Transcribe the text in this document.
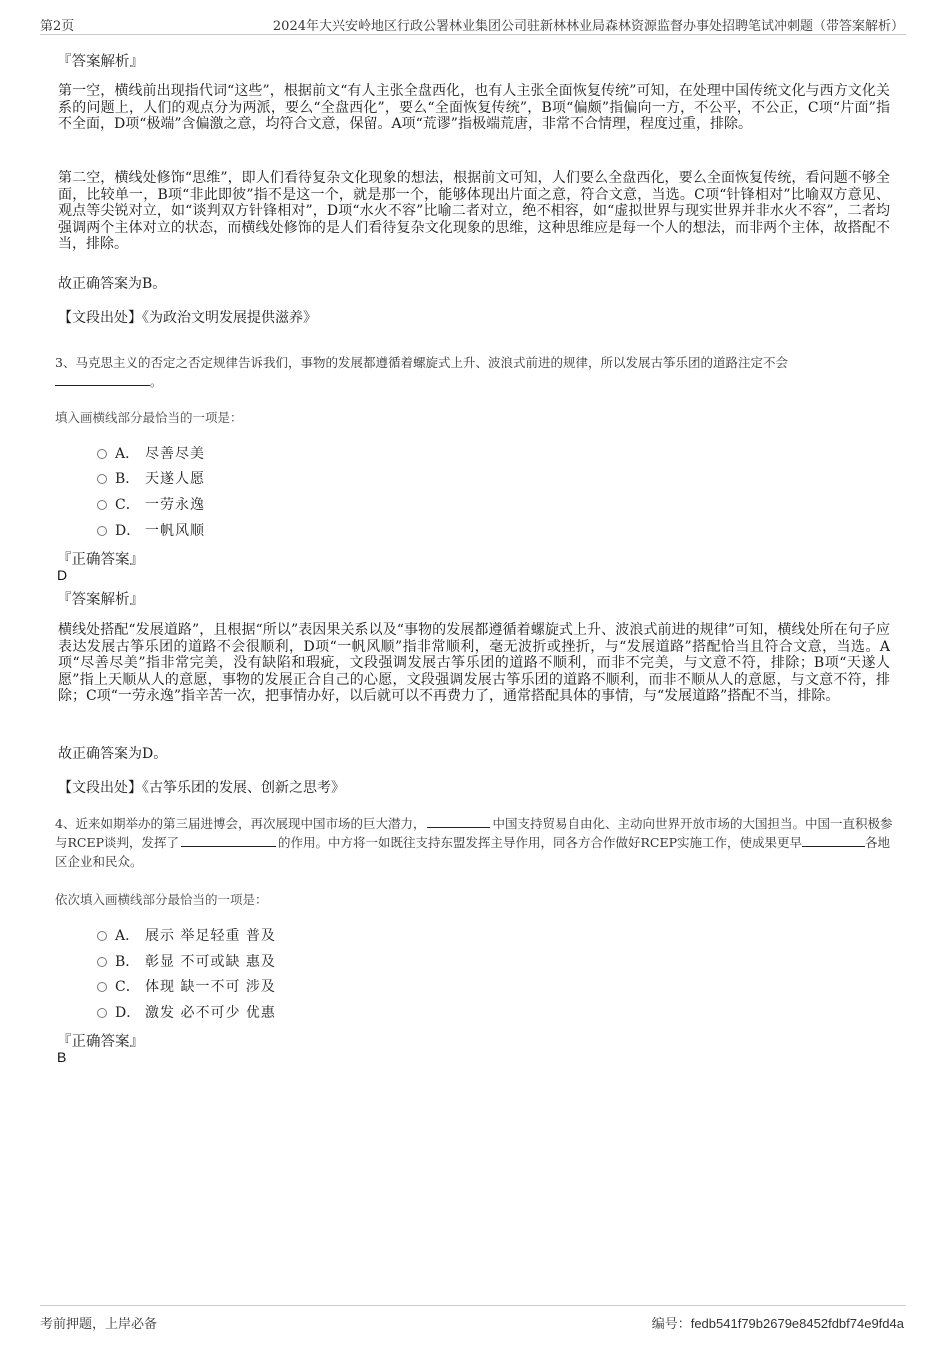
第2页	2024年大兴安岭地区行政公署林业集团公司驻新林林业局森林资源监督办事处招聘笔试冲刺题（带答案解析）
『答案解析』
第一空，横线前出现指代词“这些”，根据前文“有人主张全盘西化，也有人主张全面恢复传统”可知，在处理中国传统文化与西方文化关系的问题上，人们的观点分为两派，要么“全盘西化”，要么“全面恢复传统”，B项“偏颇”指偏向一方，不公平，不公正，C项“片面”指不全面，D项“极端”含偏激之意，均符合文意，保留。A项“荒谬”指极端荒唐，非常不合情理，程度过重，排除。
第二空，横线处修饰“思维”，即人们看待复杂文化现象的想法，根据前文可知，人们要么全盘西化，要么全面恢复传统，看问题不够全面，比较单一，B项“非此即彼”指不是这一个，就是那一个，能够体现出片面之意，符合文意，当选。C项“针锋相对”比喻双方意见、观点等尖锐对立，如“谈判双方针锋相对”，D项“水火不容”比喻二者对立，绝不相容，如“虚拟世界与现实世界并非水火不容”，二者均强调两个主体对立的状态，而横线处修饰的是人们看待复杂文化现象的思维，这种思维应是每一个人的想法，而非两个主体，故搭配不当，排除。
故正确答案为B。
【文段出处】《为政治文明发展提供滋养》
3、马克思主义的否定之否定规律告诉我们，事物的发展都遵循着螺旋式上升、波浪式前进的规律，所以发展古筝乐团的道路注定不会
。
填入画横线部分最恰当的一项是：
A． 尽善尽美
B． 天遂人愿
C． 一劳永逸
D． 一帆风顺
『正确答案』
D
『答案解析』
横线处搭配“发展道路”，且根据“所以”表因果关系以及“事物的发展都遵循着螺旋式上升、波浪式前进的规律”可知，横线处所在句子应表达发展古筝乐团的道路不会很顺利，D项“一帆风顺”指非常顺利，毫无波折或挫折，与“发展道路”搭配恰当且符合文意，当选。A项“尽善尽美”指非常完美，没有缺陷和瑕疵，文段强调发展古筝乐团的道路不顺利，而非不完美，与文意不符，排除；B项“天遂人愿”指上天顺从人的意愿，事物的发展正合自己的心愿，文段强调发展古筝乐团的道路不顺利，而非不顺从人的意愿，与文意不符，排除；C项“一劳永逸”指辛苦一次，把事情办好，以后就可以不再费力了，通常搭配具体的事情，与“发展道路”搭配不当，排除。
故正确答案为D。
【文段出处】《古筝乐团的发展、创新之思考》
4、近来如期举办的第三届进博会，再次展现中国市场的巨大潜力，	中国支持贸易自由化、主动向世界开放市场的大国担当。中国一直积极参与RCEP谈判，发挥了	的作用。中方将一如既往支持东盟发挥主导作用，同各方合作做好RCEP实施工作，使成果更早	各地区企业和民众。
依次填入画横线部分最恰当的一项是：
A． 展示 举足轻重 普及
B． 彰显 不可或缺 惠及
C． 体现 缺一不可 涉及
D． 激发 必不可少 优惠
『正确答案』
B
考前押题，上岸必备	编号：fedb541f79b2679e8452fdbf74e9fd4a
